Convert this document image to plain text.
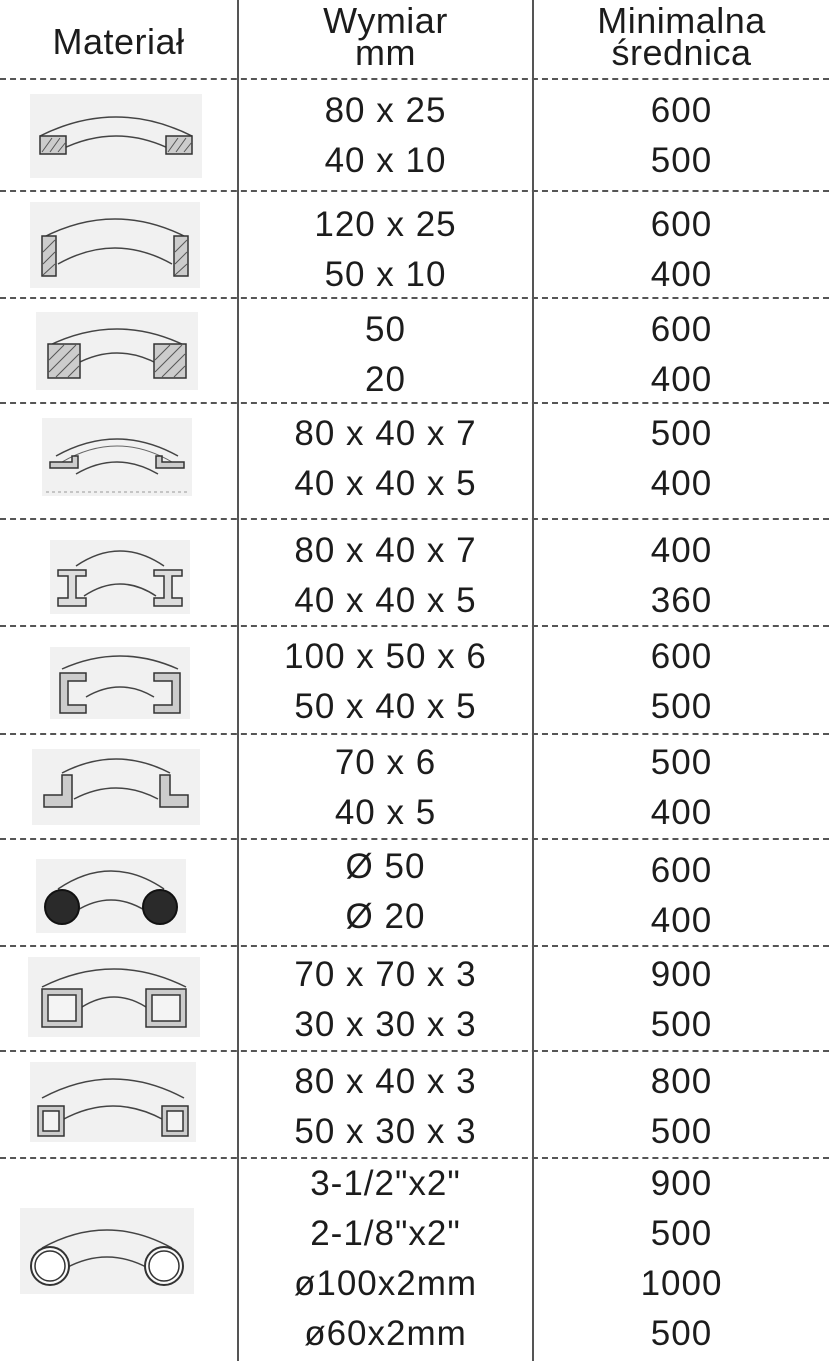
Materiał
Wymiar
mm
Minimalna
średnica
80 x 25
40 x 10
600
500
120 x 25
50 x 10
600
400
50
20
600
400
80 x 40 x 7
40 x 40 x 5
500
400
80 x 40 x 7
40 x 40 x 5
400
360
100 x 50 x 6
50 x 40 x 5
600
500
70 x 6
40 x 5
500
400
Ø 50
Ø 20
600
400
70 x 70 x 3
30 x 30 x 3
900
500
80 x 40 x 3
50 x 30 x 3
800
500
3-1/2"x2"
2-1/8"x2"
ø100x2mm
ø60x2mm
900
500
1000
500
